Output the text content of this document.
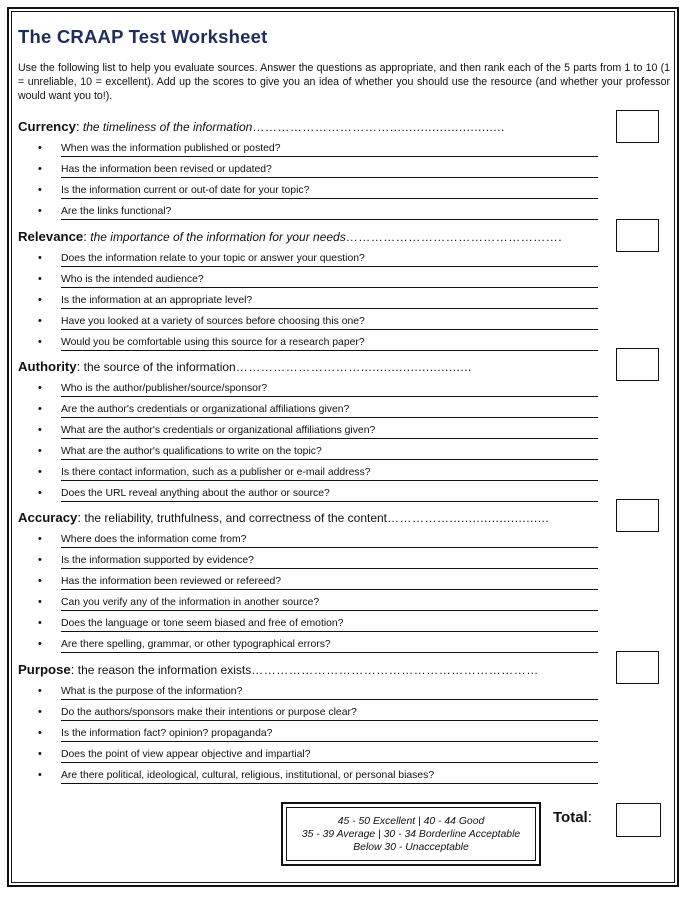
The CRAAP Test Worksheet
Use the following list to help you evaluate sources. Answer the questions as appropriate, and then rank each of the 5 parts from 1 to 10 (1 = unreliable, 10 = excellent). Add up the scores to give you an idea of whether you should use the resource (and whether your professor would want you to!).
Currency: the timeliness of the information……………………………..............................
• When was the information published or posted?
• Has the information been revised or updated?
• Is the information current or out-of date for your topic?
• Are the links functional?
Relevance: the importance of the information for your needs…………………………………………….
• Does the information relate to your topic or answer your question?
• Who is the intended audience?
• Is the information at an appropriate level?
• Have you looked at a variety of sources before choosing this one?
• Would you be comfortable using this source for a research paper?
Authority: the source of the information………………………….............................
• Who is the author/publisher/source/sponsor?
• Are the author's credentials or organizational affiliations given?
• What are the author's credentials or organizational affiliations given?
• What are the author's qualifications to write on the topic?
• Is there contact information, such as a publisher or e-mail address?
• Does the URL reveal anything about the author or source?
Accuracy: the reliability, truthfulness, and correctness of the content……………..........................
• Where does the information come from?
• Is the information supported by evidence?
• Has the information been reviewed or refereed?
• Can you verify any of the information in another source?
• Does the language or tone seem biased and free of emotion?
• Are there spelling, grammar, or other typographical errors?
Purpose: the reason the information exists……………………………………………………………
• What is the purpose of the information?
• Do the authors/sponsors make their intentions or purpose clear?
• Is the information fact? opinion? propaganda?
• Does the point of view appear objective and impartial?
• Are there political, ideological, cultural, religious, institutional, or personal biases?
45 - 50 Excellent | 40 - 44 Good
35 - 39 Average | 30 - 34 Borderline Acceptable
Below 30 - Unacceptable
Total:
